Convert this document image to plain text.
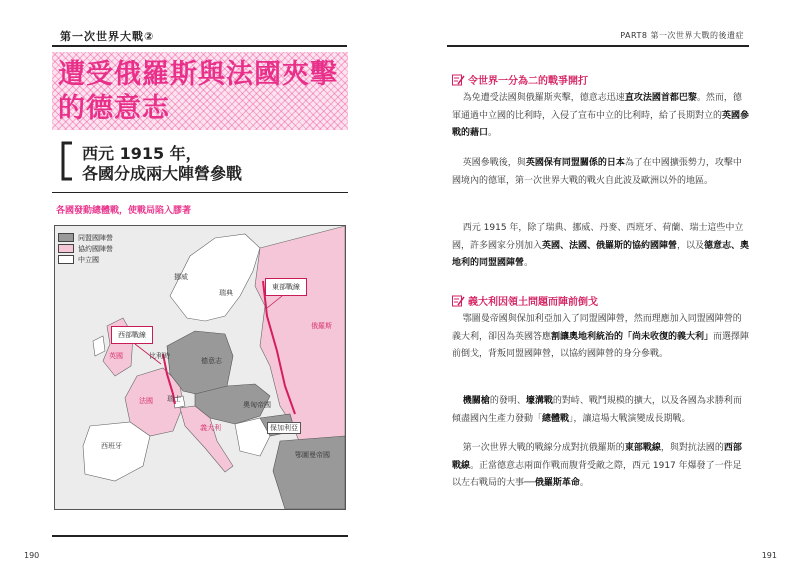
第一次世界大戰②	PART8 第一次世界大戰的後遺症
遭受俄羅斯與法國夾擊
的德意志
西元 1915 年，
各國分成兩大陣營參戰
各國發動總體戰，使戰局陷入膠著
挪威
瑞典
俄羅斯
英國	比利時
德意志
法國 瑞士
奧匈帝國
義大利
西班牙
保加利亞
鄂圖曼帝國
東部戰線
西部戰線
同盟國陣營
協約國陣營
中立國
190	191
令世界一分為二的戰爭開打

為免遭受法國與俄羅斯夾擊，德意志迅速直攻法國首都巴黎。然而，德軍通過中立國的比利時，入侵了宣布中立的比利時，給了長期對立的英國參戰的藉口。

英國參戰後，與英國保有同盟關係的日本為了在中國擴張勢力，攻擊中國境內的德軍，第一次世界大戰的戰火自此波及歐洲以外的地區。

西元 1915 年，除了瑞典、挪威、丹麥、西班牙、荷蘭、瑞士這些中立國，許多國家分別加入英國、法國、俄羅斯的協約國陣營，以及德意志、奧地利的同盟國陣營。

義大利因領土問題而陣前倒戈

鄂圖曼帝國與保加利亞加入了同盟國陣營，然而理應加入同盟國陣營的義大利，卻因為英國答應割讓奧地利統治的「尚未收復的義大利」而選擇陣前倒戈，背叛同盟國陣營，以協約國陣營的身分參戰。

機關槍的發明、壕溝戰的對峙、戰鬥規模的擴大，以及各國為求勝利而傾盡國內生產力發動「總體戰」，讓這場大戰演變成長期戰。

第一次世界大戰的戰線分成對抗俄羅斯的東部戰線，與對抗法國的西部戰線。正當德意志兩面作戰而腹背受敵之際，西元 1917 年爆發了一件足以左右戰局的大事──俄羅斯革命。
